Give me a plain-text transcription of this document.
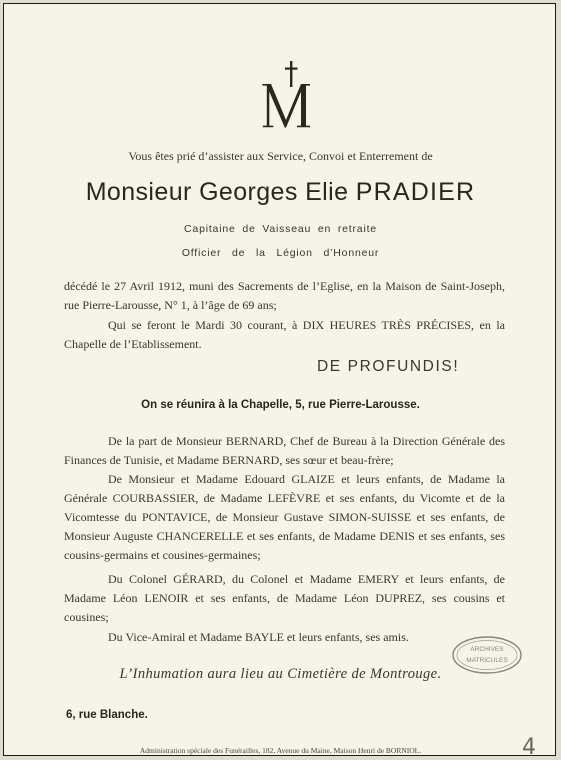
Vous êtes prié d’assister aux Service, Convoi et Enterrement de
Monsieur Georges Elie PRADIER
Capitaine de Vaisseau en retraite
Officier de la Légion d’Honneur

décédé le 27 Avril 1912, muni des Sacrements de l’Eglise, en la Maison de Saint-Joseph, rue Pierre-Larousse, N° 1, à l’âge de 69 ans;

Qui se feront le Mardi 30 courant, à DIX HEURES TRÈS PRÉCISES, en la Chapelle de l’Etablissement.

DE PROFUNDIS!
On se réunira à la Chapelle, 5, rue Pierre-Larousse.

De la part de Monsieur BERNARD, Chef de Bureau à la Direction Générale des Finances de Tunisie, et Madame BERNARD, ses sœur et beau-frère;

De Monsieur et Madame Edouard GLAIZE et leurs enfants, de Madame la Générale COURBASSIER, de Madame LEFÈVRE et ses enfants, du Vicomte et de la Vicomtesse du PONTAVICE, de Monsieur Gustave SIMON-SUISSE et ses enfants, de Monsieur Auguste CHANCERELLE et ses enfants, de Madame DENIS et ses enfants, ses cousins-germains et cousines-germaines;

Du Colonel GÉRARD, du Colonel et Madame EMERY et leurs enfants, de Madame Léon LENOIR et ses enfants, de Madame Léon DUPREZ, ses cousins et cousines;

Du Vice-Amiral et Madame BAYLE et leurs enfants, ses amis.

L’Inhumation aura lieu au Cimetière de Montrouge.
6, rue Blanche.
Administration spéciale des Funérailles, 182, Avenue du Maine, Maison Henri de BORNIOL.
ARCHIVES
MATRICULES
4
